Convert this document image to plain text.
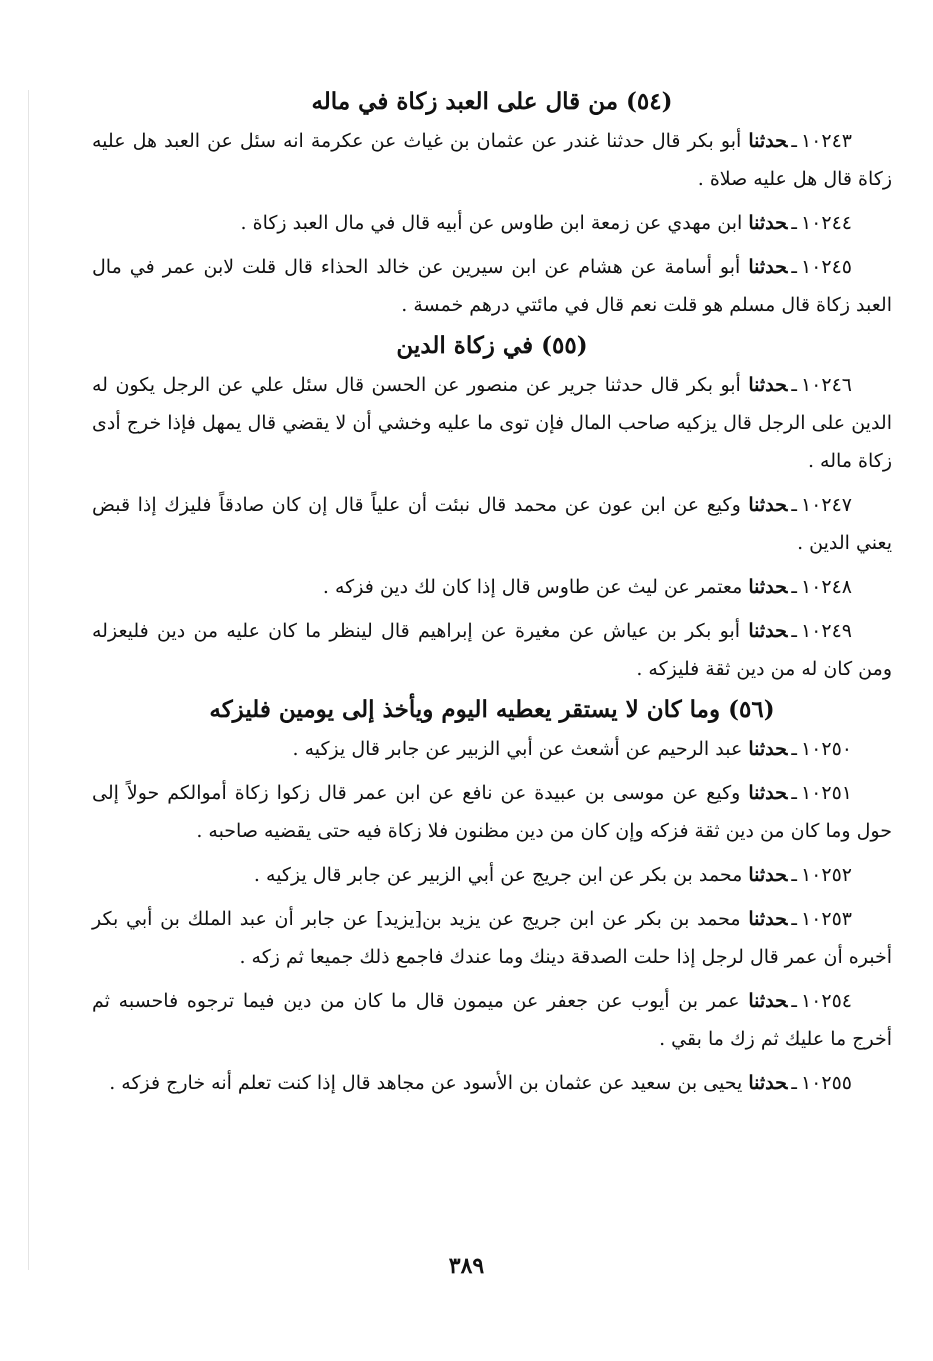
(٥٤) من قال على العبد زكاة في ماله

١٠٢٤٣ـحدثنا أبو بكر قال حدثنا غندر عن عثمان بن غياث عن عكرمة انه سئل عن العبد هل عليه زكاة قال هل عليه صلاة .

١٠٢٤٤ـحدثنا ابن مهدي عن زمعة ابن طاوس عن أبيه قال في مال العبد زكاة .

١٠٢٤٥ـحدثنا أبو أسامة عن هشام عن ابن سيرين عن خالد الحذاء قال قلت لابن عمر في مال العبد زكاة قال مسلم هو قلت نعم قال في مائتي درهم خمسة .

(٥٥) في زكاة الدين

١٠٢٤٦ـحدثنا أبو بكر قال حدثنا جرير عن منصور عن الحسن قال سئل علي عن الرجل يكون له الدين على الرجل قال يزكيه صاحب المال فإن توى ما عليه وخشي أن لا يقضي قال يمهل فإذا خرج أدى زكاة ماله .

١٠٢٤٧ـحدثنا وكيع عن ابن عون عن محمد قال نبئت أن علياً قال إن كان صادقاً فليزك إذا قبض يعني الدين .

١٠٢٤٨ـحدثنا معتمر عن ليث عن طاوس قال إذا كان لك دين فزكه .

١٠٢٤٩ـحدثنا أبو بكر بن عياش عن مغيرة عن إبراهيم قال لينظر ما كان عليه من دين فليعزله ومن كان له من دين ثقة فليزكه .

(٥٦) وما كان لا يستقر يعطيه اليوم ويأخذ إلى يومين فليزكه

١٠٢٥٠ـحدثنا عبد الرحيم عن أشعث عن أبي الزبير عن جابر قال يزكيه .

١٠٢٥١ـحدثنا وكيع عن موسى بن عبيدة عن نافع عن ابن عمر قال زكوا زكاة أموالكم حولاً إلى حول وما كان من دين ثقة فزكه وإن كان من دين مظنون فلا زكاة فيه حتى يقضيه صاحبه .

١٠٢٥٢ـحدثنا محمد بن بكر عن ابن جريج عن أبي الزبير عن جابر قال يزكيه .

١٠٢٥٣ـحدثنا محمد بن بكر عن ابن جريج عن يزيد بن[يزيد] عن جابر أن عبد الملك بن أبي بكر أخبره أن عمر قال لرجل إذا حلت الصدقة دينك وما عندك فاجمع ذلك جميعا ثم زكه .

١٠٢٥٤ـحدثنا عمر بن أيوب عن جعفر عن ميمون قال ما كان من دين فيما ترجوه فاحسبه ثم أخرج ما عليك ثم زك ما بقي .

١٠٢٥٥ـحدثنا يحيى بن سعيد عن عثمان بن الأسود عن مجاهد قال إذا كنت تعلم أنه خارج فزكه .

٣٨٩
